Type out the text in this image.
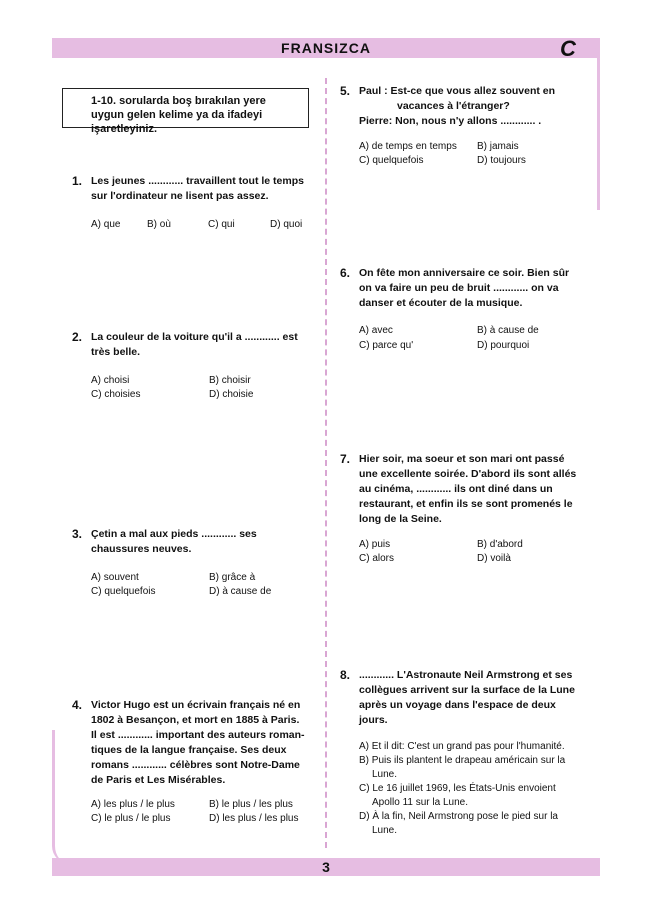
FRANSIZCA	C
1-10. sorularda boş bırakılan yere uygun gelen kelime ya da ifadeyi işaretleyiniz.
1. Les jeunes ............ travaillent tout le temps
sur l'ordinateur ne lisent pas assez.
A) que	B) où	C) qui	D) quoi
2. La couleur de la voiture qu'il a ............ est
très belle.
A) choisi	B) choisir
C) choisies	D) choisie
3. Çetin a mal aux pieds ............ ses
chaussures neuves.
A) souvent	B) grâce à
C) quelquefois	D) à cause de
4. Victor Hugo est un écrivain français né en
1802 à Besançon, et mort en 1885 à Paris.
Il est ............ important des auteurs roman-
tiques de la langue française. Ses deux
romans ............ célèbres sont Notre-Dame
de Paris et Les Misérables.
A) les plus / le plus	B) le plus / les plus
C) le plus / le plus	D) les plus / les plus
5. Paul : Est-ce que vous allez souvent en
vacances à l'étranger?
Pierre: Non, nous n'y allons ............ .
A) de temps en temps B) jamais
C) quelquefois	D) toujours
6. On fête mon anniversaire ce soir. Bien sûr
on va faire un peu de bruit ............ on va
danser et écouter de la musique.
A) avec	B) à cause de
C) parce qu'	D) pourquoi
7. Hier soir, ma soeur et son mari ont passé
une excellente soirée. D'abord ils sont allés
au cinéma, ............ ils ont diné dans un
restaurant, et enfin ils se sont promenés le
long de la Seine.
A) puis	B) d'abord
C) alors	D) voilà
8. ............ L'Astronaute Neil Armstrong et ses
collègues arrivent sur la surface de la Lune
après un voyage dans l'espace de deux
jours.
A) Et il dit: C'est un grand pas pour l'humanité.
B) Puis ils plantent le drapeau américain sur la
Lune.
C) Le 16 juillet 1969, les États-Unis envoient
Apollo 11 sur la Lune.
D) À la fin, Neil Armstrong pose le pied sur la
Lune.
3
